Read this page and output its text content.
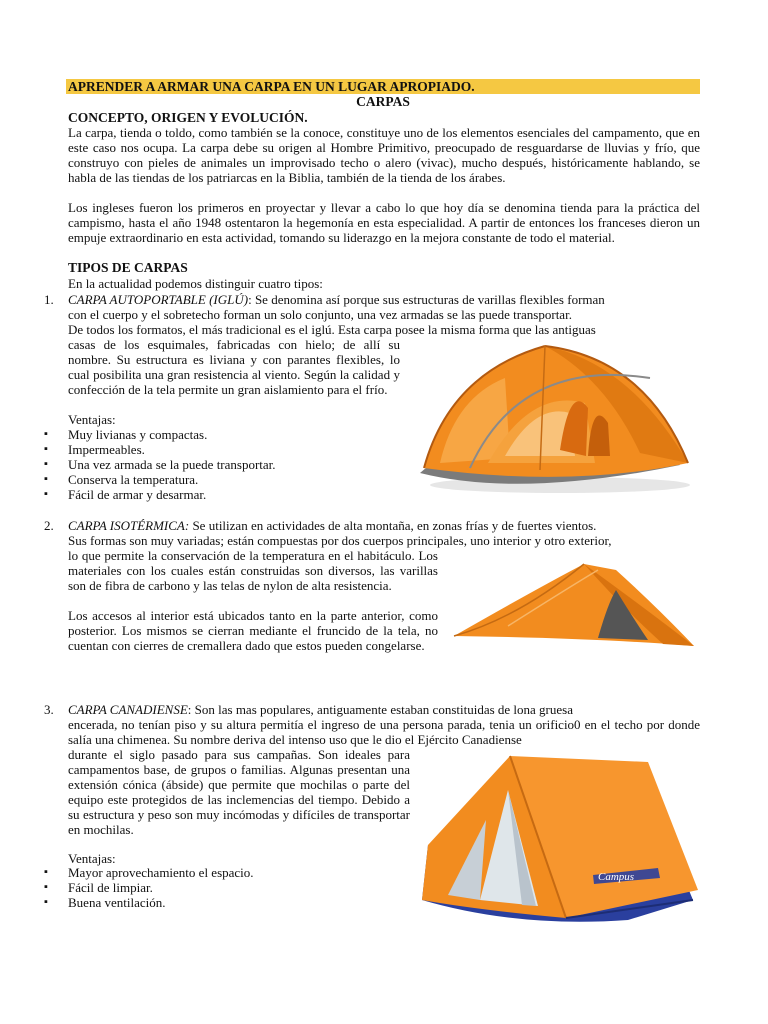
APRENDER A ARMAR UNA CARPA EN UN LUGAR APROPIADO.
CARPAS
CONCEPTO, ORIGEN Y EVOLUCIÓN.
La carpa, tienda o toldo, como también se la conoce, constituye uno de los elementos esenciales del campamento, que en este caso nos ocupa. La carpa debe su origen al Hombre Primitivo, preocupado de resguardarse de lluvias y frío, que construyo con pieles de animales un improvisado techo o alero (vivac), mucho después, históricamente hablando, se habla de las tiendas de los patriarcas en la Biblia, también de la tienda de los árabes.
Los ingleses fueron los primeros en proyectar y llevar a cabo lo que hoy día se denomina tienda para la práctica del campismo, hasta el año 1948 ostentaron la hegemonía en esta especialidad. A partir de entonces los franceses dieron un empuje extraordinario en esta actividad, tomando su liderazgo en la mejora constante de todo el material.
TIPOS DE CARPAS
En la actualidad podemos distinguir cuatro tipos:
1. CARPA AUTOPORTABLE (IGLÚ): Se denomina así porque sus estructuras de varillas flexibles forman
con el cuerpo y el sobretecho forman un solo conjunto, una vez armadas se las puede transportar.
De todos los formatos, el más tradicional es el iglú. Esta carpa posee la misma forma que las antiguas
casas de los esquimales, fabricadas con hielo; de allí su nombre. Su estructura es liviana y con parantes flexibles, lo cual posibilita una gran resistencia al viento. Según la calidad y confección de la tela permite un gran aislamiento para el frío.
Ventajas:
▪ Muy livianas y compactas.
▪ Impermeables.
▪ Una vez armada se la puede transportar.
▪ Conserva la temperatura.
▪ Fácil de armar y desarmar.
2. CARPA ISOTÉRMICA: Se utilizan en actividades de alta montaña, en zonas frías y de fuertes vientos.
Sus formas son muy variadas; están compuestas por dos cuerpos principales, uno interior y otro exterior,
lo que permite la conservación de la temperatura en el habitáculo. Los materiales con los cuales están construidas son diversos, las varillas son de fibra de carbono y las telas de nylon de alta resistencia.
Los accesos al interior está ubicados tanto en la parte anterior, como posterior. Los mismos se cierran mediante el fruncido de la tela, no cuentan con cierres de cremallera dado que estos pueden congelarse.
3. CARPA CANADIENSE: Son las mas populares, antiguamente estaban constituidas de lona gruesa
encerada, no tenían piso y su altura permitía el ingreso de una persona parada, tenia un orificio0 en el techo por donde salía una chimenea. Su nombre deriva del intenso uso que le dio el Ejército Canadiense
durante el siglo pasado para sus campañas. Son ideales para campamentos base, de grupos o familias. Algunas presentan una extensión cónica (ábside) que permite que mochilas o parte del equipo este protegidos de las inclemencias del tiempo. Debido a su estructura y peso son muy incómodas y difíciles de transportar en mochilas.
Ventajas:
▪ Mayor aprovechamiento el espacio.
▪ Fácil de limpiar.
▪ Buena ventilación.
Campus
